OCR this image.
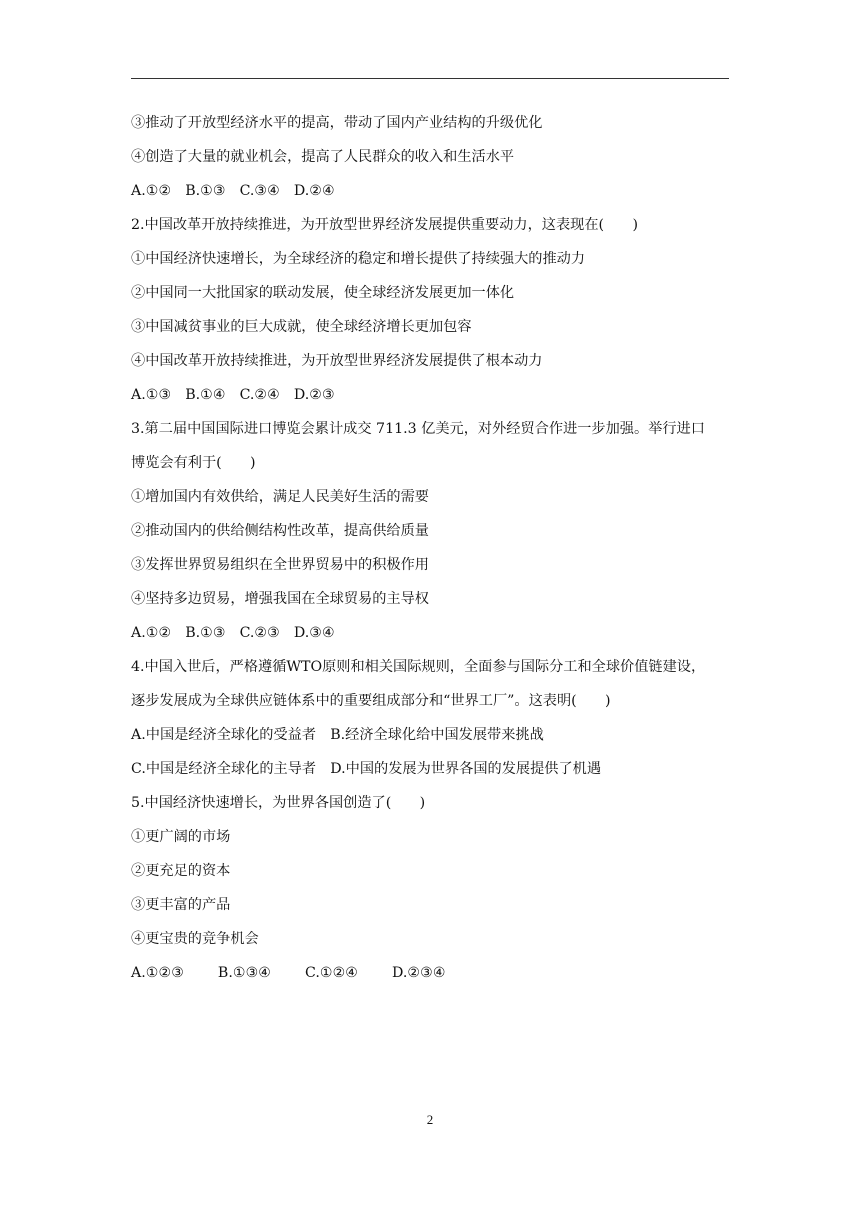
③推动了开放型经济水平的提高，带动了国内产业结构的升级优化
④创造了大量的就业机会，提高了人民群众的收入和生活水平
A.①② B.①③ C.③④ D.②④
2.中国改革开放持续推进，为开放型世界经济发展提供重要动力，这表现在(　　)
①中国经济快速增长，为全球经济的稳定和增长提供了持续强大的推动力
②中国同一大批国家的联动发展，使全球经济发展更加一体化
③中国减贫事业的巨大成就，使全球经济增长更加包容
④中国改革开放持续推进，为开放型世界经济发展提供了根本动力
A.①③ B.①④ C.②④ D.②③
3.第二届中国国际进口博览会累计成交 711.3 亿美元，对外经贸合作进一步加强。举行进口
博览会有利于(　　)
①增加国内有效供给，满足人民美好生活的需要
②推动国内的供给侧结构性改革，提高供给质量
③发挥世界贸易组织在全世界贸易中的积极作用
④坚持多边贸易，增强我国在全球贸易的主导权
A.①② B.①③ C.②③ D.③④
4.中国入世后，严格遵循WTO原则和相关国际规则，全面参与国际分工和全球价值链建设，
逐步发展成为全球供应链体系中的重要组成部分和“世界工厂”。这表明(　　)
A.中国是经济全球化的受益者　B.经济全球化给中国发展带来挑战
C.中国是经济全球化的主导者　D.中国的发展为世界各国的发展提供了机遇
5.中国经济快速增长，为世界各国创造了(　　)
①更广阔的市场
②更充足的资本
③更丰富的产品
④更宝贵的竞争机会
A.①②③ B.①③④ C.①②④ D.②③④
2
